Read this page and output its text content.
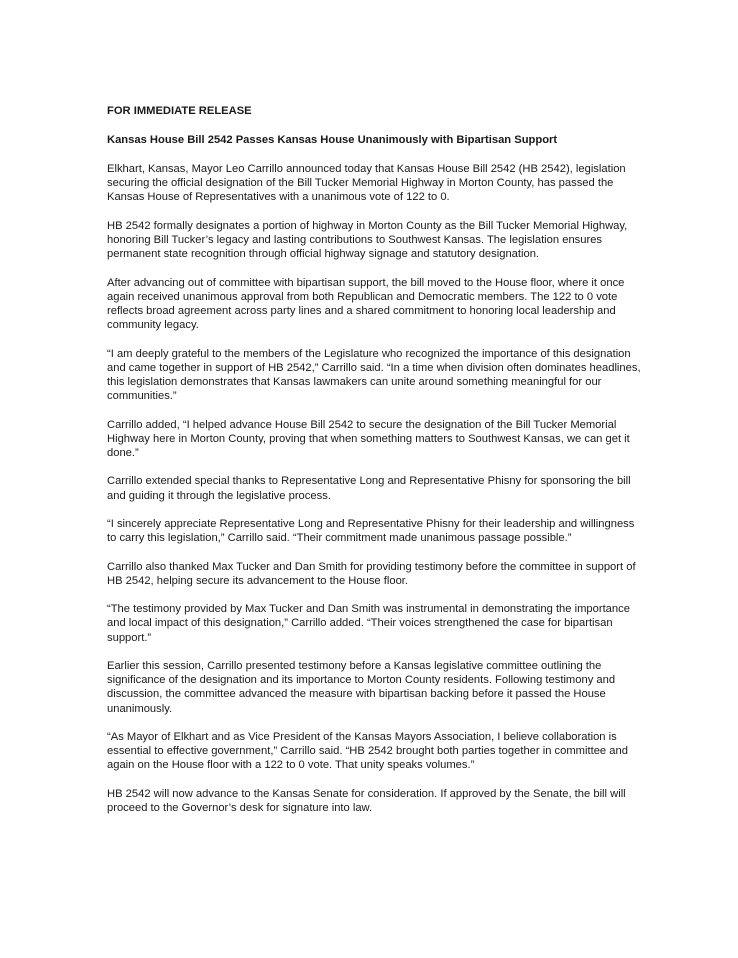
FOR IMMEDIATE RELEASE
Kansas House Bill 2542 Passes Kansas House Unanimously with Bipartisan Support

Elkhart, Kansas, Mayor Leo Carrillo announced today that Kansas House Bill 2542 (HB 2542), legislation securing the official designation of the Bill Tucker Memorial Highway in Morton County, has passed the Kansas House of Representatives with a unanimous vote of 122 to 0.

HB 2542 formally designates a portion of highway in Morton County as the Bill Tucker Memorial Highway, honoring Bill Tucker’s legacy and lasting contributions to Southwest Kansas. The legislation ensures permanent state recognition through official highway signage and statutory designation.

After advancing out of committee with bipartisan support, the bill moved to the House floor, where it once again received unanimous approval from both Republican and Democratic members. The 122 to 0 vote reflects broad agreement across party lines and a shared commitment to honoring local leadership and community legacy.

“I am deeply grateful to the members of the Legislature who recognized the importance of this designation and came together in support of HB 2542,” Carrillo said. “In a time when division often dominates headlines, this legislation demonstrates that Kansas lawmakers can unite around something meaningful for our communities.”

Carrillo added, “I helped advance House Bill 2542 to secure the designation of the Bill Tucker Memorial Highway here in Morton County, proving that when something matters to Southwest Kansas, we can get it done.”

Carrillo extended special thanks to Representative Long and Representative Phisny for sponsoring the bill and guiding it through the legislative process.

“I sincerely appreciate Representative Long and Representative Phisny for their leadership and willingness to carry this legislation,” Carrillo said. “Their commitment made unanimous passage possible.”

Carrillo also thanked Max Tucker and Dan Smith for providing testimony before the committee in support of HB 2542, helping secure its advancement to the House floor.

“The testimony provided by Max Tucker and Dan Smith was instrumental in demonstrating the importance and local impact of this designation,” Carrillo added. “Their voices strengthened the case for bipartisan support.”

Earlier this session, Carrillo presented testimony before a Kansas legislative committee outlining the significance of the designation and its importance to Morton County residents. Following testimony and discussion, the committee advanced the measure with bipartisan backing before it passed the House unanimously.

“As Mayor of Elkhart and as Vice President of the Kansas Mayors Association, I believe collaboration is essential to effective government,” Carrillo said. “HB 2542 brought both parties together in committee and again on the House floor with a 122 to 0 vote. That unity speaks volumes.”

HB 2542 will now advance to the Kansas Senate for consideration. If approved by the Senate, the bill will proceed to the Governor’s desk for signature into law.
